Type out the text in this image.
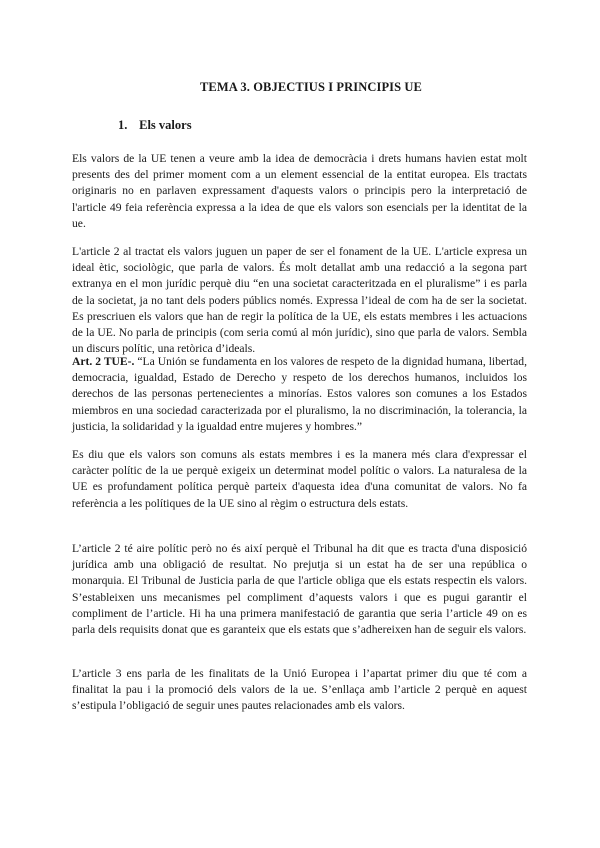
TEMA 3. OBJECTIUS I PRINCIPIS UE
1. Els valors

Els valors de la UE tenen a veure amb la idea de democràcia i drets humans havien estat molt presents des del primer moment com a un element essencial de la entitat europea. Els tractats originaris no en parlaven expressament d'aquests valors o principis pero la interpretació de l'article 49 feia referència expressa a la idea de que els valors son esencials per la identitat de la ue.

L'article 2 al tractat els valors juguen un paper de ser el fonament de la UE. L'article expresa un ideal ètic, sociològic, que parla de valors. És molt detallat amb una redacció a la segona part extranya en el mon jurídic perquè diu “en una societat caracteritzada en el pluralisme” i es parla de la societat, ja no tant dels poders públics només. Expressa l’ideal de com ha de ser la societat. Es prescriuen els valors que han de regir la política de la UE, els estats membres i les actuacions de la UE. No parla de principis (com seria comú al món jurídic), sino que parla de valors. Sembla un discurs polític, una retòrica d’ideals.

Art. 2 TUE-. “La Unión se fundamenta en los valores de respeto de la dignidad humana, libertad, democracia, igualdad, Estado de Derecho y respeto de los derechos humanos, incluidos los derechos de las personas pertenecientes a minorías. Estos valores son comunes a los Estados miembros en una sociedad caracterizada por el pluralismo, la no discriminación, la tolerancia, la justicia, la solidaridad y la igualdad entre mujeres y hombres.”

Es diu que els valors son comuns als estats membres i es la manera més clara d'expressar el caràcter polític de la ue perquè exigeix un determinat model polític o valors. La naturalesa de la UE es profundament política perquè parteix d'aquesta idea d'una comunitat de valors. No fa referència a les polítiques de la UE sino al règim o estructura dels estats.

L’article 2 té aire polític però no és així perquè el Tribunal ha dit que es tracta d'una disposició jurídica amb una obligació de resultat. No prejutja si un estat ha de ser una república o monarquia. El Tribunal de Justicia parla de que l'article obliga que els estats respectin els valors. S’estableixen uns mecanismes pel compliment d’aquests valors i que es pugui garantir el compliment de l’article. Hi ha una primera manifestació de garantia que seria l’article 49 on es parla dels requisits donat que es garanteix que els estats que s’adhereixen han de seguir els valors.

L’article 3 ens parla de les finalitats de la Unió Europea i l’apartat primer diu que té com a finalitat la pau i la promoció dels valors de la ue. S’enllaça amb l’article 2 perquè en aquest s’estipula l’obligació de seguir unes pautes relacionades amb els valors.
